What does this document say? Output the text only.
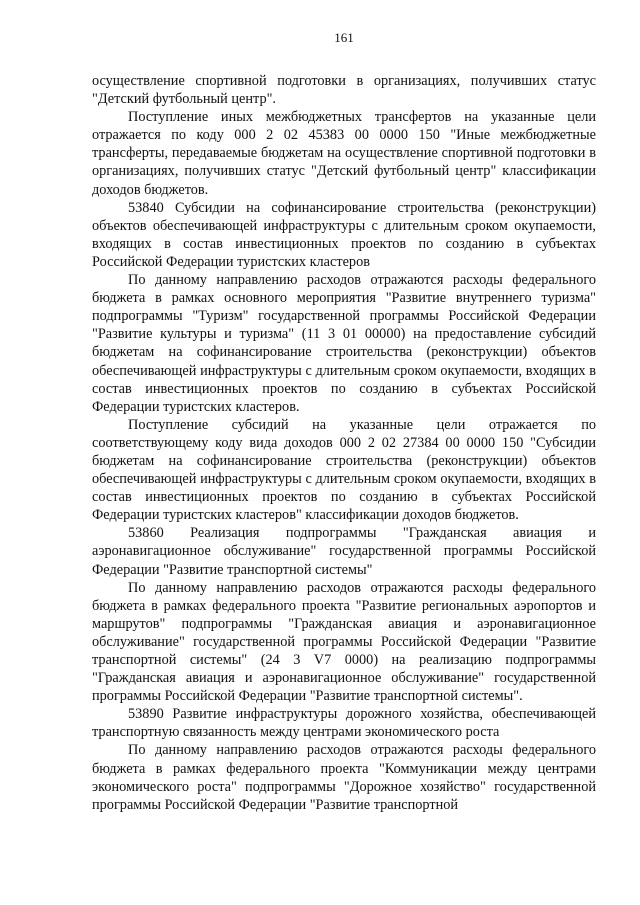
161

осуществление спортивной подготовки в организациях, получивших статус "Детский футбольный центр".

Поступление иных межбюджетных трансфертов на указанные цели отражается по коду 000 2 02 45383 00 0000 150 "Иные межбюджетные трансферты, передаваемые бюджетам на осуществление спортивной подготовки в организациях, получивших статус "Детский футбольный центр" классификации доходов бюджетов.

53840 Субсидии на софинансирование строительства (реконструкции) объектов обеспечивающей инфраструктуры с длительным сроком окупаемости, входящих в состав инвестиционных проектов по созданию в субъектах Российской Федерации туристских кластеров

По данному направлению расходов отражаются расходы федерального бюджета в рамках основного мероприятия "Развитие внутреннего туризма" подпрограммы "Туризм" государственной программы Российской Федерации "Развитие культуры и туризма" (11 3 01 00000) на предоставление субсидий бюджетам на софинансирование строительства (реконструкции) объектов обеспечивающей инфраструктуры с длительным сроком окупаемости, входящих в состав инвестиционных проектов по созданию в субъектах Российской Федерации туристских кластеров.

Поступление субсидий на указанные цели отражается по соответствующему коду вида доходов 000 2 02 27384 00 0000 150 "Субсидии бюджетам на софинансирование строительства (реконструкции) объектов обеспечивающей инфраструктуры с длительным сроком окупаемости, входящих в состав инвестиционных проектов по созданию в субъектах Российской Федерации туристских кластеров" классификации доходов бюджетов.

53860 Реализация подпрограммы "Гражданская авиация и аэронавигационное обслуживание" государственной программы Российской Федерации "Развитие транспортной системы"

По данному направлению расходов отражаются расходы федерального бюджета в рамках федерального проекта "Развитие региональных аэропортов и маршрутов" подпрограммы "Гражданская авиация и аэронавигационное обслуживание" государственной программы Российской Федерации "Развитие транспортной системы" (24 3 V7 0000) на реализацию подпрограммы "Гражданская авиация и аэронавигационное обслуживание" государственной программы Российской Федерации "Развитие транспортной системы".

53890 Развитие инфраструктуры дорожного хозяйства, обеспечивающей транспортную связанность между центрами экономического роста

По данному направлению расходов отражаются расходы федерального бюджета в рамках федерального проекта "Коммуникации между центрами экономического роста" подпрограммы "Дорожное хозяйство" государственной программы Российской Федерации "Развитие транспортной
